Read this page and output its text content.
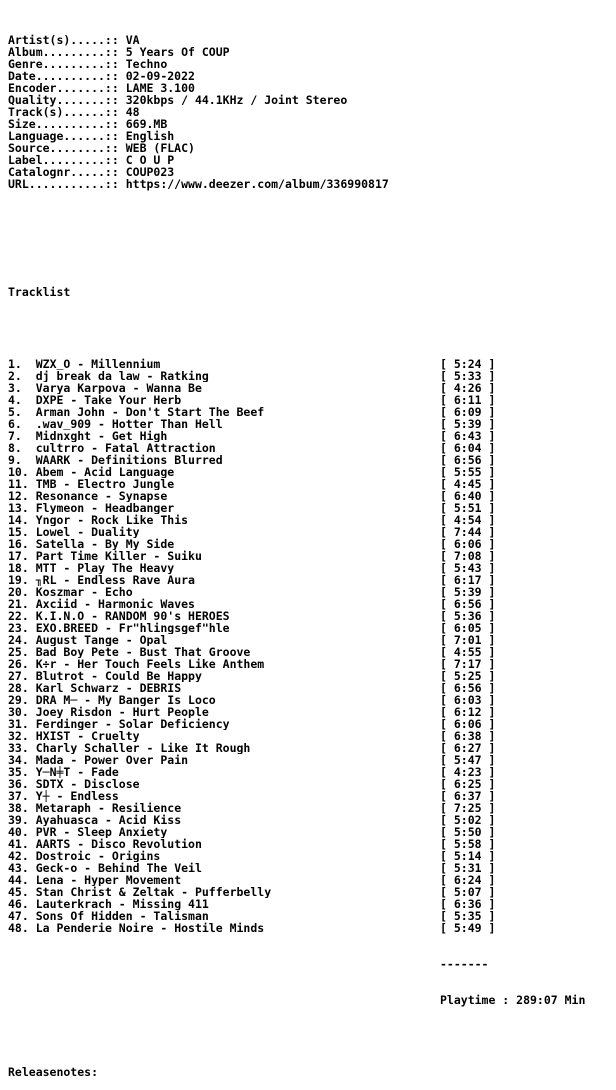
Artist(s).....:: VA
Album.........:: 5 Years Of COUP
Genre.........:: Techno
Date..........:: 02-09-2022
Encoder.......:: LAME 3.100
Quality.......:: 320kbps / 44.1KHz / Joint Stereo
Track(s)......:: 48
Size..........:: 669.MB
Language......:: English
Source........:: WEB (FLAC)
Label.........:: C O U P
Catalognr.....:: COUP023
URL...........:: https://www.deezer.com/album/336990817

Tracklist

1.  WZX_O - Millennium	[ 5:24 ]
2.  dj break da law - Ratking	[ 5:33 ]
3.  Varya Karpova - Wanna Be	[ 4:26 ]
4.  DXPE - Take Your Herb	[ 6:11 ]
5.  Arman John - Don't Start The Beef	[ 6:09 ]
6.  .wav_909 - Hotter Than Hell	[ 5:39 ]
7.  Midnxght - Get High	[ 6:43 ]
8.  cultrro - Fatal Attraction	[ 6:04 ]
9.  WAARK - Definitions Blurred	[ 6:56 ]
10. Abem - Acid Language	[ 5:55 ]
11. TMB - Electro Jungle	[ 4:45 ]
12. Resonance - Synapse	[ 6:40 ]
13. Flymeon - Headbanger	[ 5:51 ]
14. Yngor - Rock Like This	[ 4:54 ]
15. Lowel - Duality	[ 7:44 ]
16. Satella - By My Side	[ 6:06 ]
17. Part Time Killer - Suiku	[ 7:08 ]
18. MTT - Play The Heavy	[ 5:43 ]
19. ╖RL - Endless Rave Aura	[ 6:17 ]
20. Koszmar - Echo	[ 5:39 ]
21. Axciid - Harmonic Waves	[ 6:56 ]
22. K.I.N.O - RANDOM 90's HEROES	[ 5:36 ]
23. EXO.BREED - Fr"hlingsgef"hle	[ 6:05 ]
24. August Tange - Opal	[ 7:01 ]
25. Bad Boy Pete - Bust That Groove	[ 4:55 ]
26. K÷r - Her Touch Feels Like Anthem	[ 7:17 ]
27. Blutrot - Could Be Happy	[ 5:25 ]
28. Karl Schwarz - DEBRIS	[ 6:56 ]
29. DRA M─ - My Banger Is Loco	[ 6:03 ]
30. Joey Risdon - Hurt People	[ 6:12 ]
31. Ferdinger - Solar Deficiency	[ 6:06 ]
32. HXIST - Cruelty	[ 6:38 ]
33. Charly Schaller - Like It Rough	[ 6:27 ]
34. Mada - Power Over Pain	[ 5:47 ]
35. Y─N╪T - Fade	[ 4:23 ]
36. SDTX - Disclose	[ 6:25 ]
37. Y┼ - Endless	[ 6:37 ]
38. Metaraph - Resilience	[ 7:25 ]
39. Ayahuasca - Acid Kiss	[ 5:02 ]
40. PVR - Sleep Anxiety	[ 5:50 ]
41. AARTS - Disco Revolution	[ 5:58 ]
42. Dostroic - Origins	[ 5:14 ]
43. Geck-o - Behind The Veil	[ 5:31 ]
44. Lena - Hyper Movement	[ 6:24 ]
45. Stan Christ & Zeltak - Pufferbelly	[ 5:07 ]
46. Lauterkrach - Missing 411	[ 6:36 ]
47. Sons Of Hidden - Talisman	[ 5:35 ]
48. La Penderie Noire - Hostile Minds	[ 5:49 ]

-------

Playtime : 289:07 Min

Releasenotes:
